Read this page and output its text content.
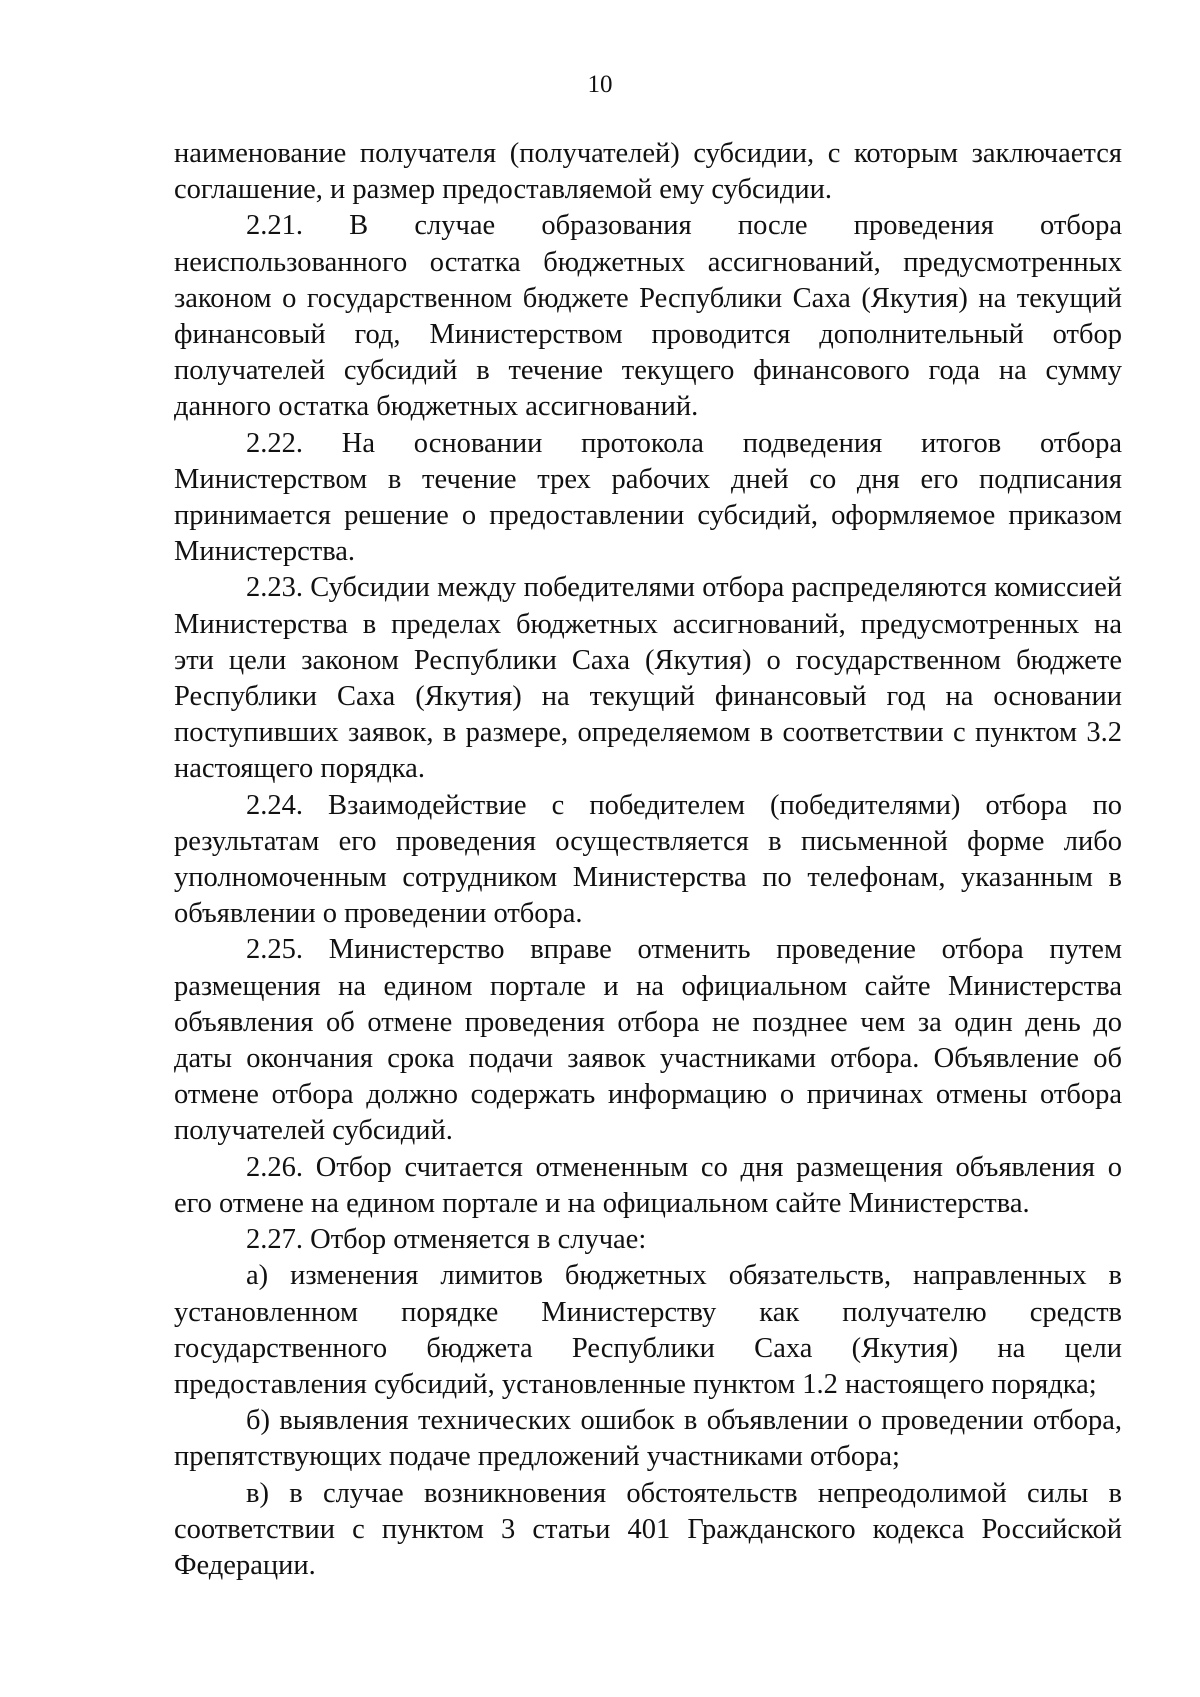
10

наименование получателя (получателей) субсидии, с которым заключается соглашение, и размер предоставляемой ему субсидии.

2.21. В случае образования после проведения отбора неиспользованного остатка бюджетных ассигнований, предусмотренных законом о государственном бюджете Республики Саха (Якутия) на текущий финансовый год, Министерством проводится дополнительный отбор получателей субсидий в течение текущего финансового года на сумму данного остатка бюджетных ассигнований.

2.22. На основании протокола подведения итогов отбора Министерством в течение трех рабочих дней со дня его подписания принимается решение о предоставлении субсидий, оформляемое приказом Министерства.

2.23. Субсидии между победителями отбора распределяются комиссией Министерства в пределах бюджетных ассигнований, предусмотренных на эти цели законом Республики Саха (Якутия) о государственном бюджете Республики Саха (Якутия) на текущий финансовый год на основании поступивших заявок, в размере, определяемом в соответствии с пунктом 3.2 настоящего порядка.

2.24. Взаимодействие с победителем (победителями) отбора по результатам его проведения осуществляется в письменной форме либо уполномоченным сотрудником Министерства по телефонам, указанным в объявлении о проведении отбора.

2.25. Министерство вправе отменить проведение отбора путем размещения на едином портале и на официальном сайте Министерства объявления об отмене проведения отбора не позднее чем за один день до даты окончания срока подачи заявок участниками отбора. Объявление об отмене отбора должно содержать информацию о причинах отмены отбора получателей субсидий.

2.26. Отбор считается отмененным со дня размещения объявления о его отмене на едином портале и на официальном сайте Министерства.

2.27. Отбор отменяется в случае:

а) изменения лимитов бюджетных обязательств, направленных в установленном порядке Министерству как получателю средств государственного бюджета Республики Саха (Якутия) на цели предоставления субсидий, установленные пунктом 1.2 настоящего порядка;

б) выявления технических ошибок в объявлении о проведении отбора, препятствующих подаче предложений участниками отбора;

в) в случае возникновения обстоятельств непреодолимой силы в соответствии с пунктом 3 статьи 401 Гражданского кодекса Российской Федерации.
